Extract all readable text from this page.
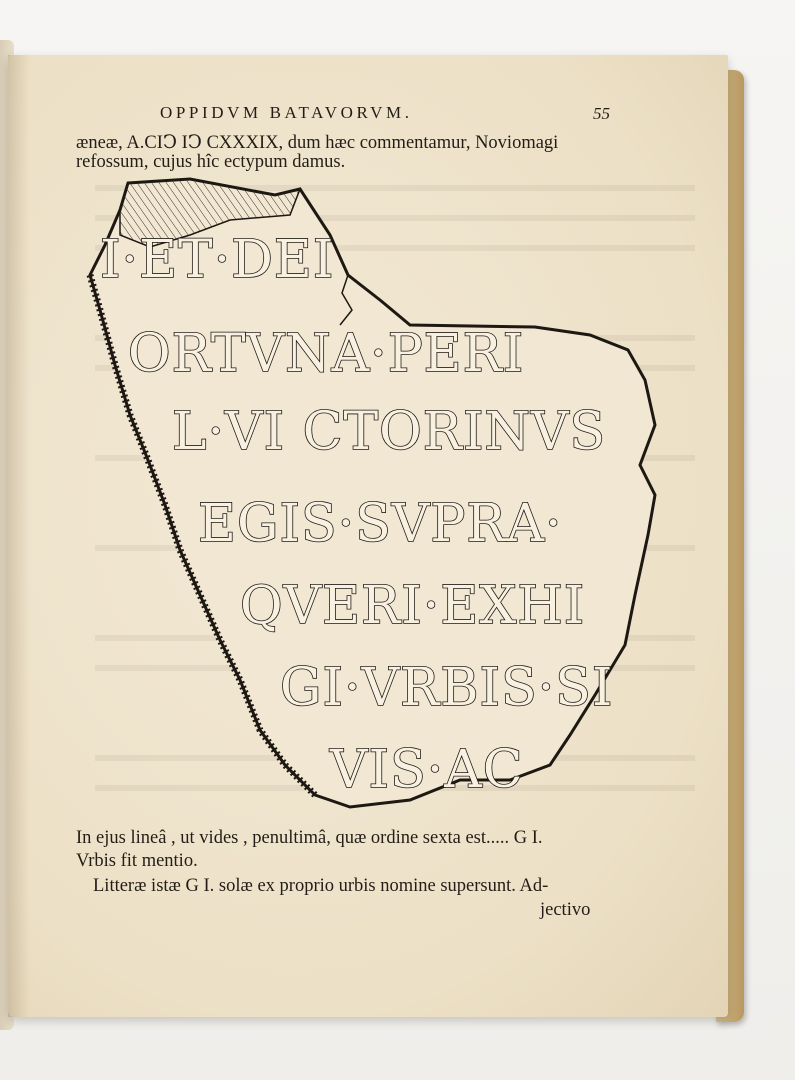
OPPIDVM BATAVORVM.	55
æneæ, A.CIↃ IↃ CXXXIX, dum hæc commentamur, Noviomagi
refossum, cujus hîc ectypum damus.
I·ET·DEI
ORTVNA·PERI
L·VI CTORINVS
EGIS·SVPRA·
QVERI·EXHI
GI·VRBIS·SI
VIS·AC
In ejus lineâ , ut vides , penultimâ, quæ ordine sexta est..... G I.
Vrbis fit mentio.
Litteræ istæ G I. solæ ex proprio urbis nomine supersunt. Ad-
jectivo
